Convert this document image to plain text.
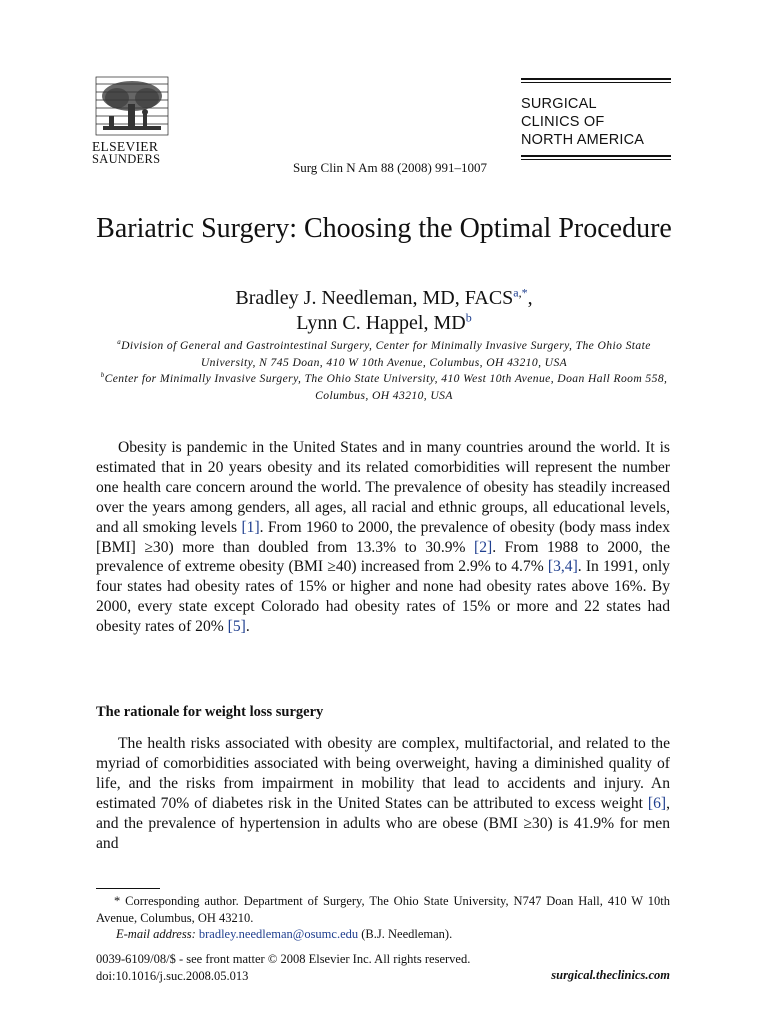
ELSEVIER
SAUNDERS
Surg Clin N Am 88 (2008) 991–1007
SURGICAL
CLINICS OF
NORTH AMERICA
Bariatric Surgery: Choosing the Optimal Procedure
Bradley J. Needleman, MD, $FACS^{a,*}$,
Lynn C. Happel, $MD^b$
$^a$Division of General and Gastrointestinal Surgery, Center for Minimally Invasive Surgery, The Ohio State University, N 745 Doan, 410 W 10th Avenue, Columbus, OH 43210, USA
$^b$Center for Minimally Invasive Surgery, The Ohio State University, 410 West 10th Avenue, Doan Hall Room 558, Columbus, OH 43210, USA

Obesity is pandemic in the United States and in many countries around the world. It is estimated that in 20 years obesity and its related comorbidities will represent the number one health care concern around the world. The prevalence of obesity has steadily increased over the years among genders, all ages, all racial and ethnic groups, all educational levels, and all smoking levels [1]. From 1960 to 2000, the prevalence of obesity (body mass index [BMI] ≥30) more than doubled from 13.3% to 30.9% [2]. From 1988 to 2000, the prevalence of extreme obesity (BMI ≥40) increased from 2.9% to 4.7% [3,4]. In 1991, only four states had obesity rates of 15% or higher and none had obesity rates above 16%. By 2000, every state except Colorado had obesity rates of 15% or more and 22 states had obesity rates of 20% [5].

The rationale for weight loss surgery

The health risks associated with obesity are complex, multifactorial, and related to the myriad of comorbidities associated with being overweight, having a diminished quality of life, and the risks from impairment in mobility that lead to accidents and injury. An estimated 70% of diabetes risk in the United States can be attributed to excess weight [6], and the prevalence of hypertension in adults who are obese (BMI ≥30) is 41.9% for men and

* Corresponding author. Department of Surgery, The Ohio State University, N747 Doan Hall, 410 W 10th Avenue, Columbus, OH 43210.
E-mail address: bradley.needleman@osumc.edu (B.J. Needleman).
0039-6109/08/$ - see front matter © 2008 Elsevier Inc. All rights reserved.
doi:10.1016/j.suc.2008.05.013	surgical.theclinics.com
